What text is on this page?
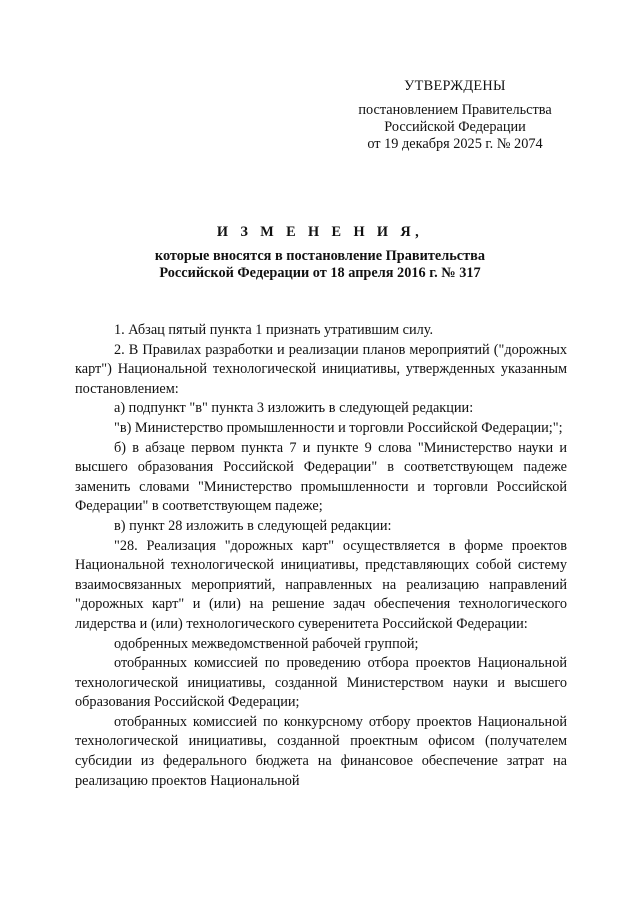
УТВЕРЖДЕНЫ
постановлением Правительства
Российской Федерации
от 19 декабря 2025 г. № 2074
И З М Е Н Е Н И Я,
которые вносятся в постановление Правительства
Российской Федерации от 18 апреля 2016 г. № 317

1. Абзац пятый пункта 1 признать утратившим силу.

2. В Правилах разработки и реализации планов мероприятий ("дорожных карт") Национальной технологической инициативы, утвержденных указанным постановлением:

а) подпункт "в" пункта 3 изложить в следующей редакции:

"в) Министерство промышленности и торговли Российской Федерации;";

б) в абзаце первом пункта 7 и пункте 9 слова "Министерство науки и высшего образования Российской Федерации" в соответствующем падеже заменить словами "Министерство промышленности и торговли Российской Федерации" в соответствующем падеже;

в) пункт 28 изложить в следующей редакции:

"28. Реализация "дорожных карт" осуществляется в форме проектов Национальной технологической инициативы, представляющих собой систему взаимосвязанных мероприятий, направленных на реализацию направлений "дорожных карт" и (или) на решение задач обеспечения технологического лидерства и (или) технологического суверенитета Российской Федерации:

одобренных межведомственной рабочей группой;

отобранных комиссией по проведению отбора проектов Национальной технологической инициативы, созданной Министерством науки и высшего образования Российской Федерации;

отобранных комиссией по конкурсному отбору проектов Национальной технологической инициативы, созданной проектным офисом (получателем субсидии из федерального бюджета на финансовое обеспечение затрат на реализацию проектов Национальной
